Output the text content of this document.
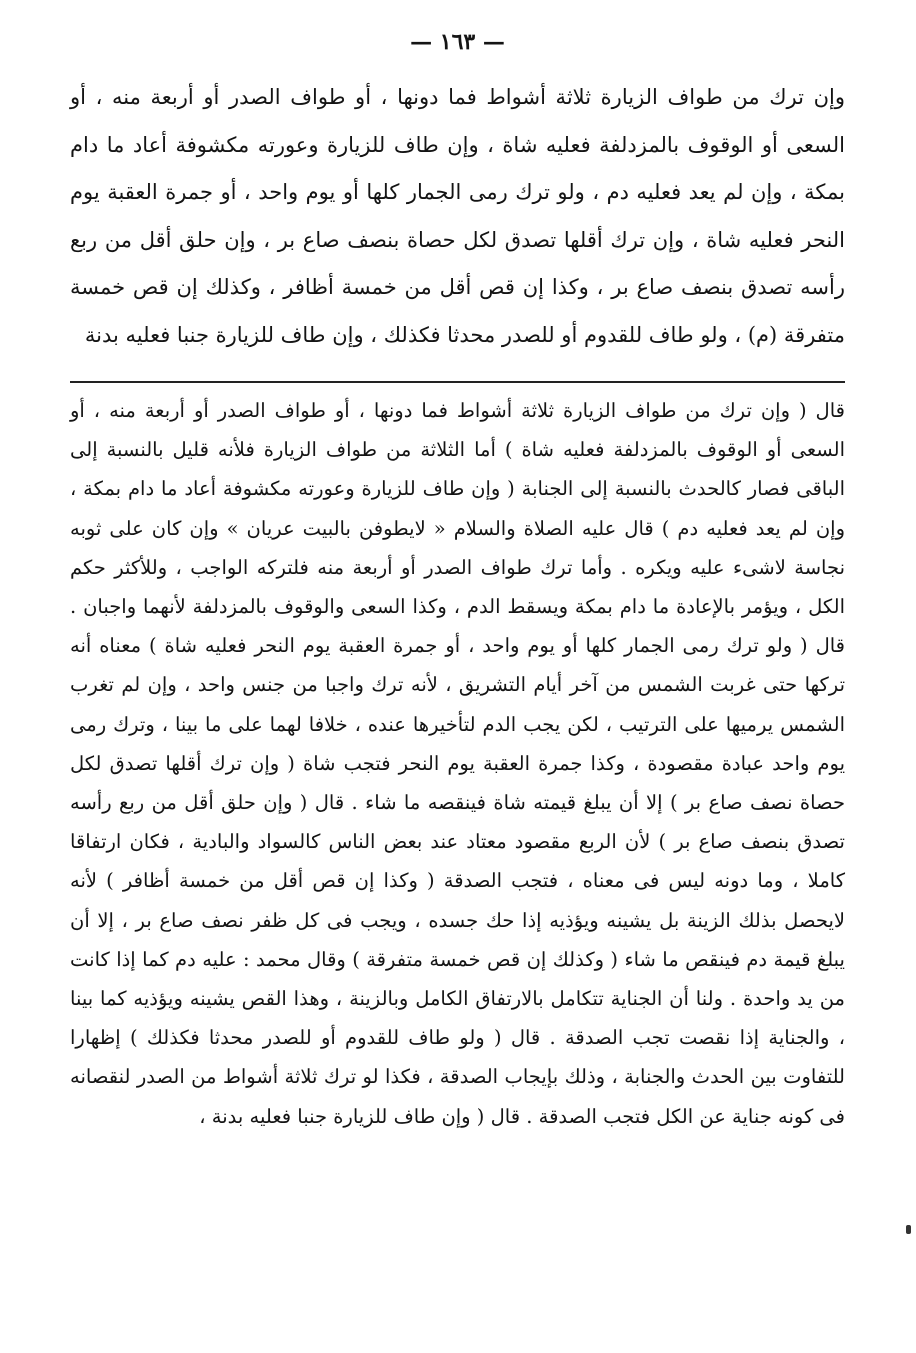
— ١٦٣ —

وإن ترك من طواف الزيارة ثلاثة أشواط فما دونها ، أو طواف الصدر أو أربعة منه ، أو السعى أو الوقوف بالمزدلفة فعليه شاة ، وإن طاف للزيارة وعورته مكشوفة أعاد ما دام بمكة ، وإن لم يعد فعليه دم ، ولو ترك رمى الجمار كلها أو يوم واحد ، أو جمرة العقبة يوم النحر فعليه شاة ، وإن ترك أقلها تصدق لكل حصاة بنصف صاع بر ، وإن حلق أقل من ربع رأسه تصدق بنصف صاع بر ، وكذا إن قص أقل من خمسة أظافر ، وكذلك إن قص خمسة متفرقة (م) ، ولو طاف للقدوم أو للصدر محدثا فكذلك ، وإن طاف للزيارة جنبا فعليه بدنة

قال ( وإن ترك من طواف الزيارة ثلاثة أشواط فما دونها ، أو طواف الصدر أو أربعة منه ، أو السعى أو الوقوف بالمزدلفة فعليه شاة ) أما الثلاثة من طواف الزيارة فلأنه قليل بالنسبة إلى الباقى فصار كالحدث بالنسبة إلى الجنابة ( وإن طاف للزيارة وعورته مكشوفة أعاد ما دام بمكة ، وإن لم يعد فعليه دم ) قال عليه الصلاة والسلام « لايطوفن بالبيت عريان » وإن كان على ثوبه نجاسة لاشىء عليه ويكره . وأما ترك طواف الصدر أو أربعة منه فلتركه الواجب ، وللأكثر حكم الكل ، ويؤمر بالإعادة ما دام بمكة ويسقط الدم ، وكذا السعى والوقوف بالمزدلفة لأنهما واجبان . قال ( ولو ترك رمى الجمار كلها أو يوم واحد ، أو جمرة العقبة يوم النحر فعليه شاة ) معناه أنه تركها حتى غربت الشمس من آخر أيام التشريق ، لأنه ترك واجبا من جنس واحد ، وإن لم تغرب الشمس يرميها على الترتيب ، لكن يجب الدم لتأخيرها عنده ، خلافا لهما على ما بينا ، وترك رمى يوم واحد عبادة مقصودة ، وكذا جمرة العقبة يوم النحر فتجب شاة ( وإن ترك أقلها تصدق لكل حصاة نصف صاع بر ) إلا أن يبلغ قيمته شاة فينقصه ما شاء . قال ( وإن حلق أقل من ربع رأسه تصدق بنصف صاع بر ) لأن الربع مقصود معتاد عند بعض الناس كالسواد والبادية ، فكان ارتفاقا كاملا ، وما دونه ليس فى معناه ، فتجب الصدقة ( وكذا إن قص أقل من خمسة أظافر ) لأنه لايحصل بذلك الزينة بل يشينه ويؤذيه إذا حك جسده ، ويجب فى كل ظفر نصف صاع بر ، إلا أن يبلغ قيمة دم فينقص ما شاء ( وكذلك إن قص خمسة متفرقة ) وقال محمد : عليه دم كما إذا كانت من يد واحدة . ولنا أن الجناية تتكامل بالارتفاق الكامل وبالزينة ، وهذا القص يشينه ويؤذيه كما بينا ، والجناية إذا نقصت تجب الصدقة . قال ( ولو طاف للقدوم أو للصدر محدثا فكذلك ) إظهارا للتفاوت بين الحدث والجنابة ، وذلك بإيجاب الصدقة ، فكذا لو ترك ثلاثة أشواط من الصدر لنقصانه فى كونه جناية عن الكل فتجب الصدقة . قال ( وإن طاف للزيارة جنبا فعليه بدنة ،
